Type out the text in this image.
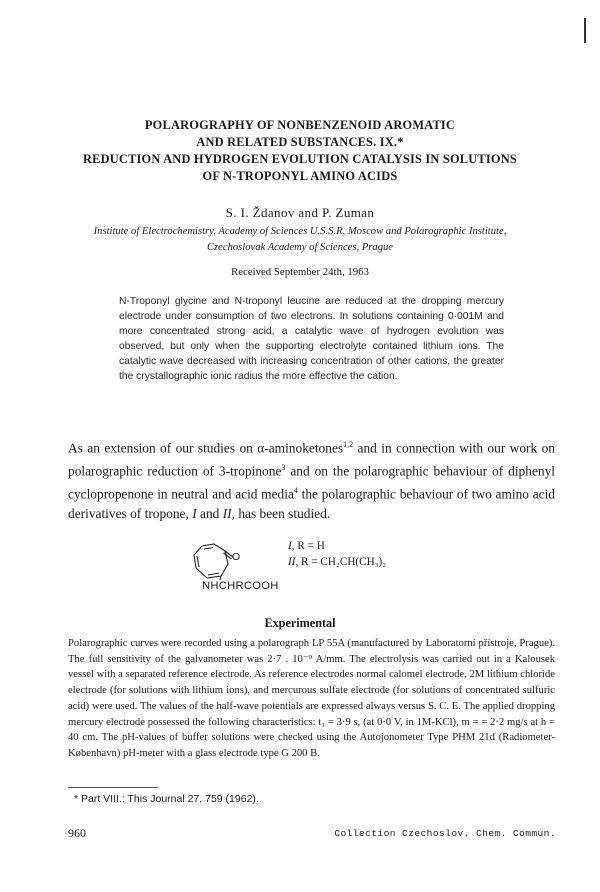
POLAROGRAPHY OF NONBENZENOID AROMATIC
AND RELATED SUBSTANCES. IX.*
REDUCTION AND HYDROGEN EVOLUTION CATALYSIS IN SOLUTIONS
OF N-TROPONYL AMINO ACIDS
S. I. Ždanov and P. Zuman
Institute of Electrochemistry, Academy of Sciences U.S.S.R, Moscow and Polarographic Institute,
Czechoslovak Academy of Sciences, Prague
Received September 24th, 1963
N-Troponyl glycine and N-troponyl leucine are reduced at the dropping mercury electrode under consumption of two electrons. In solutions containing 0·001M and more concentrated strong acid, a catalytic wave of hydrogen evolution was observed, but only when the supporting electrolyte contained lithium ions. The catalytic wave decreased with increasing concentration of other cations, the greater the crystallographic ionic radius the more effective the cation.
As an extension of our studies on α-aminoketones$^{1,2}$ and in connection with our work on polarographic reduction of 3-tropinone$^3$ and on the polarographic behaviour of diphenyl cyclopropenone in neutral and acid media$^4$ the polarographic behaviour of two amino acid derivatives of tropone, I and II, has been studied.
O
NHCHRCOOH
I, R = H
II, R = CH₂CH(CH₃)₂
Experimental
Polarographic curves were recorded using a polarograph LP 55A (manufactured by Laboratorní přístroje, Prague). The full sensitivity of the galvanometer was 2·7 . 10⁻⁹ A/mm. The electrolysis was carried out in a Kalousek vessel with a separated reference electrode. As reference electrodes normal calomel electrode, 2M lithium chloride electrode (for solutions with lithium ions), and mercurous sulfate electrode (for solutions of concentrated sulfuric acid) were used. The values of the half-wave potentials are expressed always versus S. C. E. The applied dropping mercury electrode possessed the following characteristics: t₁ = 3·9 s, (at 0·0 V, in 1M-KCl), m = = 2·2 mg/s at h = 40 cm. The pH-values of buffer solutions were checked using the Autojonometer Type PHM 21d (Radiometer-København) pH-meter with a glass electrode type G 200 B.
* Part VIII.: This Journal 27, 759 (1962).
960	Collection Czechoslov. Chem. Commun.
